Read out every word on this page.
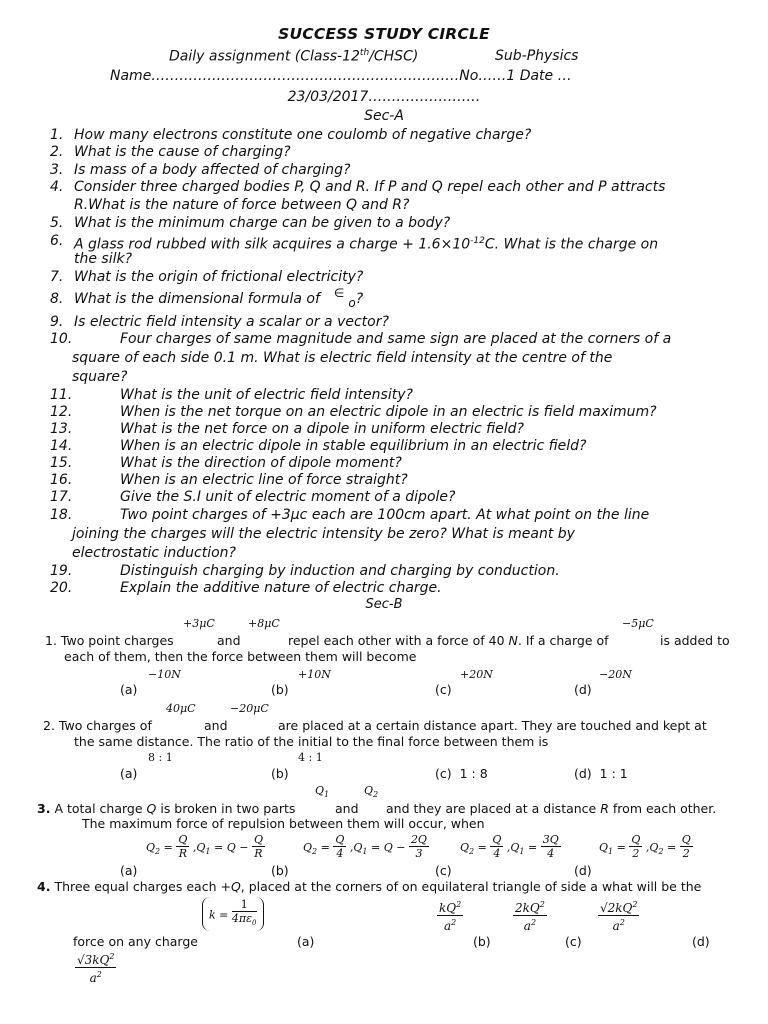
SUCCESS STUDY CIRCLE
Daily assignment (Class-12th/CHSC)	Sub-Physics
Name…………………………………………………………No……1 Date …
23/03/2017……………………
Sec-A
1. How many electrons constitute one coulomb of negative charge?
2. What is the cause of charging?
3. Is mass of a body affected of charging?
4. Consider three charged bodies P, Q and R. If P and Q repel each other and P attracts
R.What is the nature of force between Q and R?
5. What is the minimum charge can be given to a body?
6. A glass rod rubbed with silk acquires a charge + $1.6\times 10^{-12}C$. What is the charge on
the silk?
7. What is the origin of frictional electricity?
8. What is the dimensional formula of ∈o?
9. Is electric field intensity a scalar or a vector?
10.	Four charges of same magnitude and same sign are placed at the corners of a
square of each side 0.1 m. What is electric field intensity at the centre of the
square?
11.	What is the unit of electric field intensity?
12.	When is the net torque on an electric dipole in an electric is field maximum?
13.	What is the net force on a dipole in uniform electric field?
14.	When is an electric dipole in stable equilibrium in an electric field?
15.	What is the direction of dipole moment?
16.	When is an electric line of force straight?
17.	Give the S.I unit of electric moment of a dipole?
18.	Two point charges of +3μc each are 100cm apart. At what point on the line
joining the charges will the electric intensity be zero? What is meant by
electrostatic induction?
19.	Distinguish charging by induction and charging by conduction.
20.	Explain the additive nature of electric charge.
Sec-B
+3μC	+8μC	−5μC
1. Two point charges	and	repel each other with a force of 40 N. If a charge of	is added to
each of them, then the force between them will become
−10N	+10N	+20N	−20N
(a)	(b)	(c)	(d)
40μC	−20μC
2. Two charges of	and	are placed at a certain distance apart. They are touched and kept at
the same distance. The ratio of the initial to the final force between them is
8 : 1	4 : 1
(a)	(b)	(c) 1 : 8	(d) 1 : 1
$Q_1$	$Q_2$
3. A total charge Q is broken in two parts	and and they are placed at a distance R from each other.
The maximum force of repulsion between them will occur, when
$Q_2 = \frac{Q}{R} ,Q_1 = Q - \frac{Q}{R}$	$Q_2 = \frac{Q}{4} ,Q_1 = Q - \frac{2Q}{3}$	$Q_2 = \frac{Q}{4} ,Q_1 = \frac{3Q}{4}$	$Q_1 = \frac{Q}{2} ,Q_2 = \frac{Q}{2}$
(a)	(b)	(c)	(d)
4. Three equal charges each +Q, placed at the corners of on equilateral triangle of side a what will be the
$k = \frac{1}{4\pi\varepsilon_0}$	$\frac{kQ^2}{a^2}$	$\frac{2kQ^2}{a^2}$	$\frac{√2kQ^2}{a^2}$
force on any charge	(a)	(b)	(c)	(d)
$\frac{√3kQ^2}{a^2}$
